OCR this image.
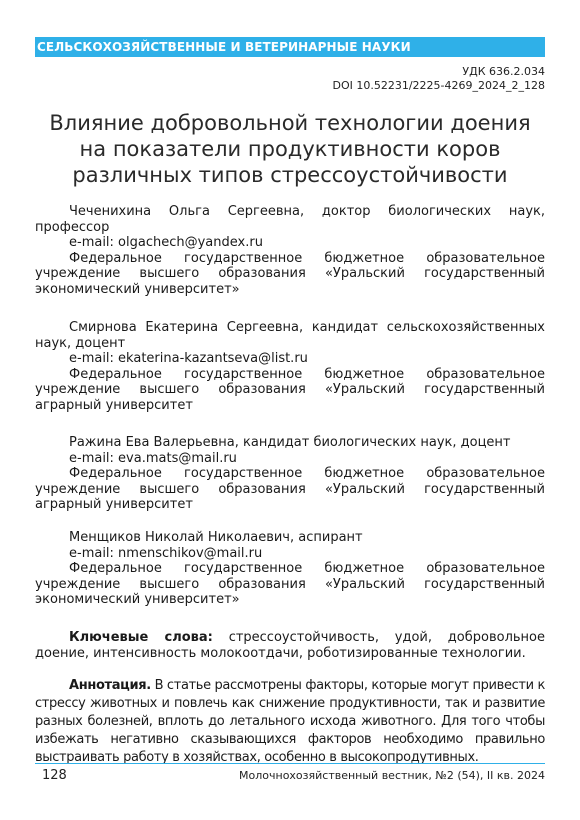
СЕЛЬСКОХОЗЯЙСТВЕННЫЕ И ВЕТЕРИНАРНЫЕ НАУКИ
УДК 636.2.034
DOI 10.52231/2225-4269_2024_2_128
Влияние добровольной технологии доения на показатели продуктивности коров различных типов стрессоустойчивости

Чеченихина Ольга Сергеевна, доктор биологических наук, профессор

e-mail: olgachech@yandex.ru

Федеральное государственное бюджетное образовательное учреждение высшего образования «Уральский государственный экономический университет»

Смирнова Екатерина Сергеевна, кандидат сельскохозяйственных наук, доцент

e-mail: ekaterina-kazantseva@list.ru

Федеральное государственное бюджетное образовательное учреждение высшего образования «Уральский государственный аграрный университет

Ражина Ева Валерьевна, кандидат биологических наук, доцент

e-mail: eva.mats@mail.ru

Федеральное государственное бюджетное образовательное учреждение высшего образования «Уральский государственный аграрный университет

Менщиков Николай Николаевич, аспирант

e-mail: nmenschikov@mail.ru

Федеральное государственное бюджетное образовательное учреждение высшего образования «Уральский государственный экономический университет»

Ключевые слова: стрессоустойчивость, удой, добровольное доение, интенсивность молокоотдачи, роботизированные технологии.

Аннотация. В статье рассмотрены факторы, которые могут привести к стрессу животных и повлечь как снижение продуктивности, так и развитие разных болезней, вплоть до летального исхода животного. Для того чтобы избежать негативно сказывающихся факторов необходимо правильно выстраивать работу в хозяйствах, особенно в высокопродутивных.

128	Молочнохозяйственный вестник, №2 (54), II кв. 2024
